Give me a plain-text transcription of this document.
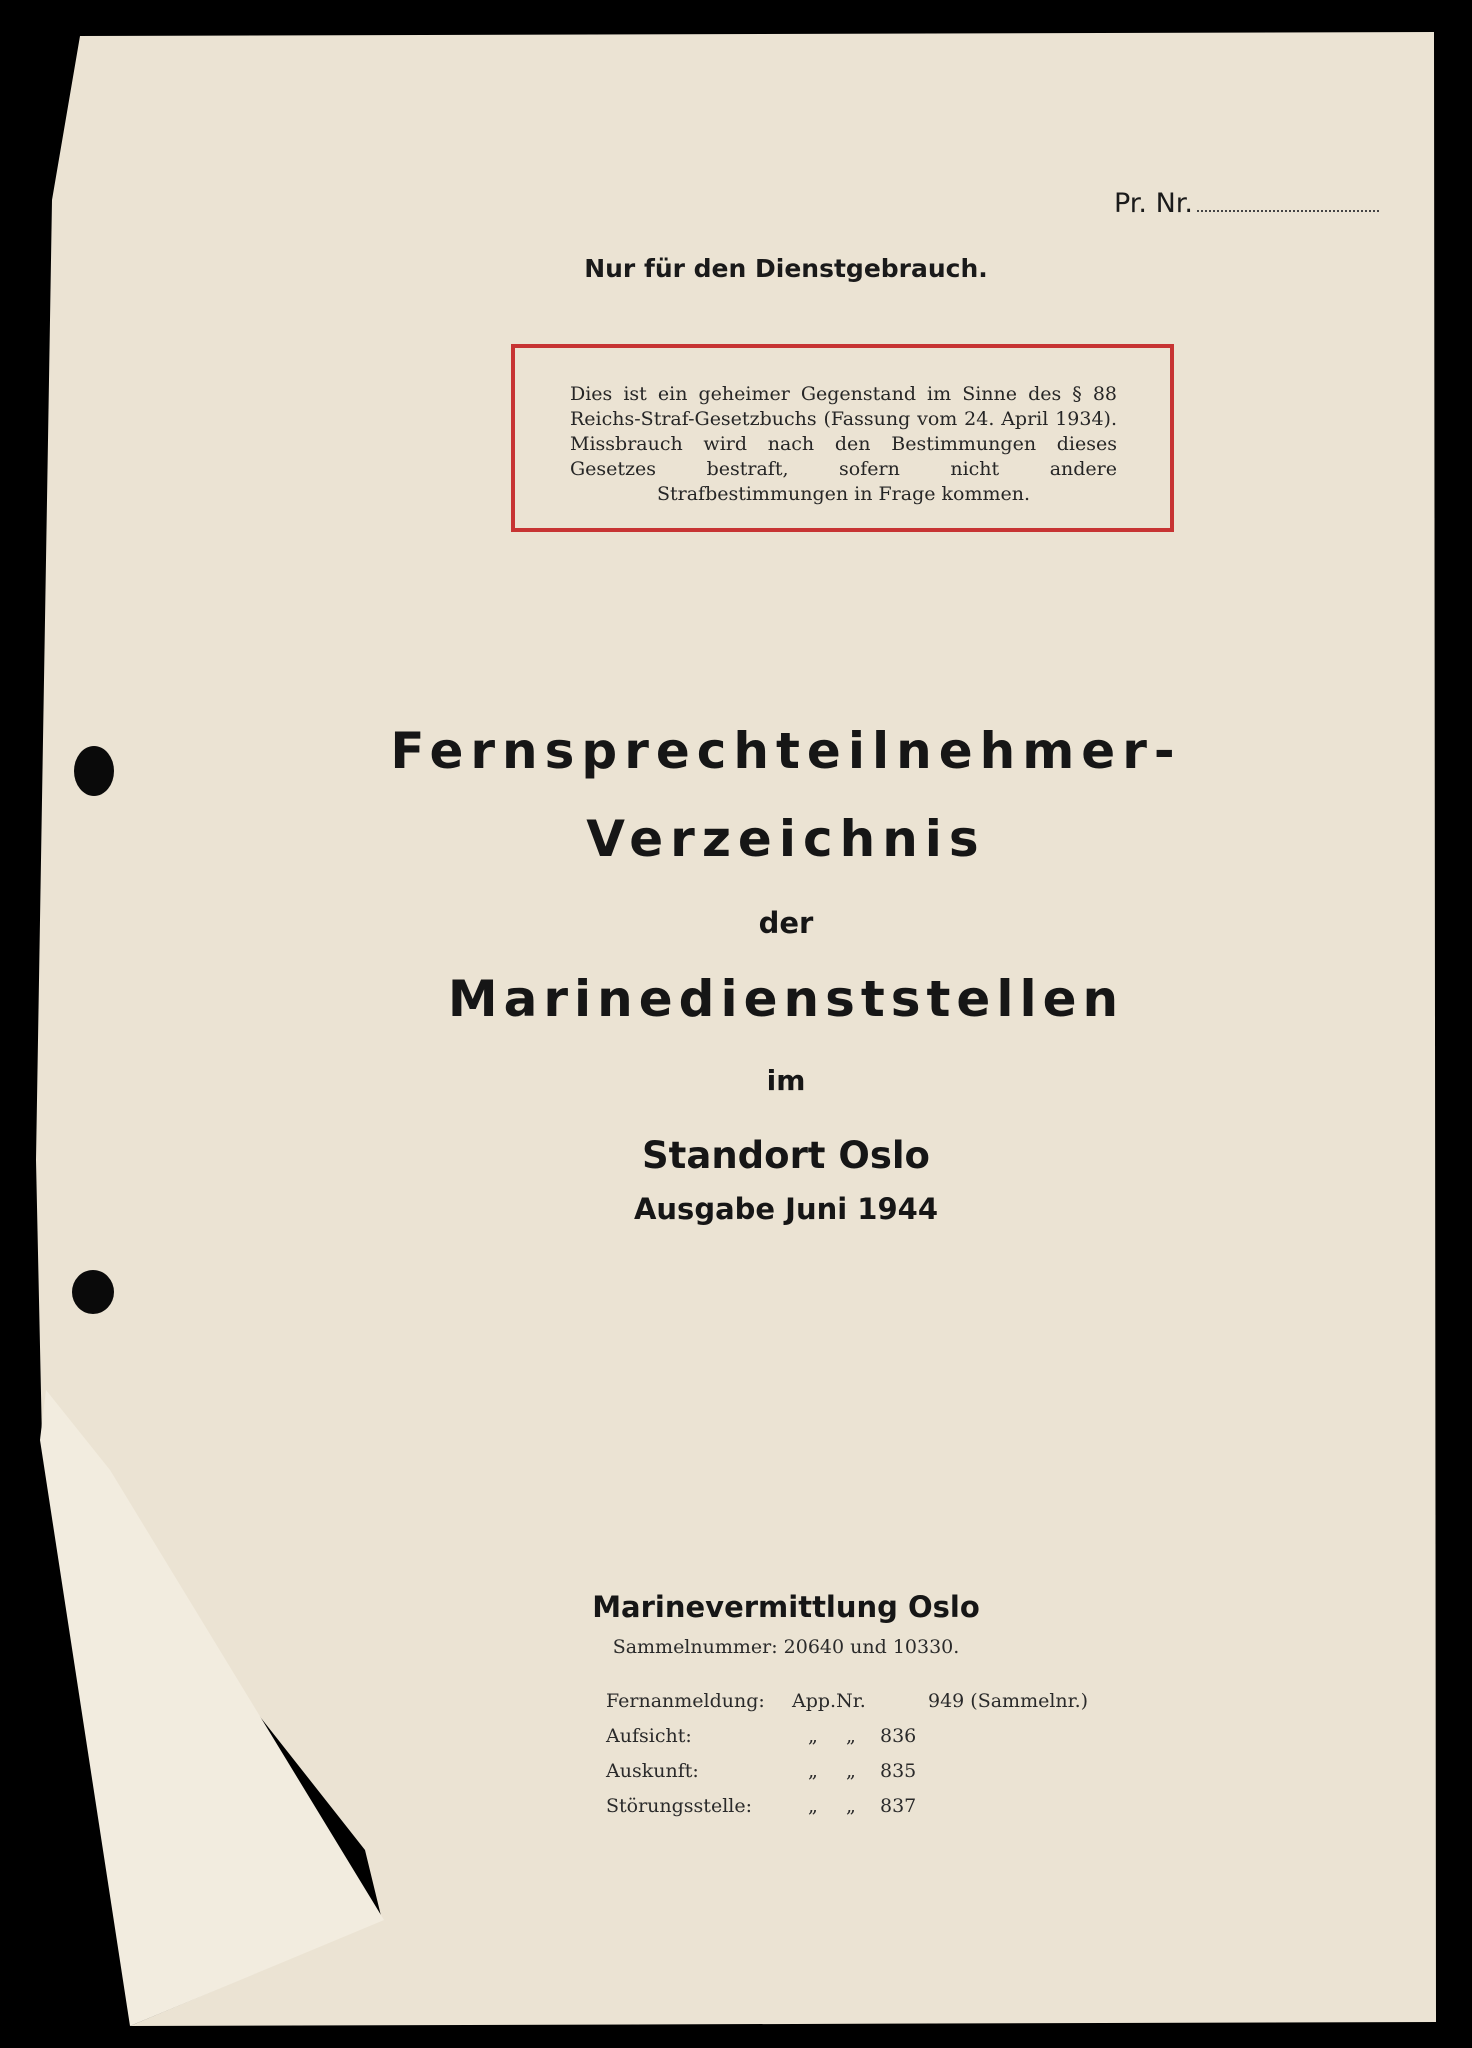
Pr. Nr.
Nur für den Dienstgebrauch.
Dies ist ein geheimer Gegenstand im Sinne des § 88 Reichs-Straf-Gesetzbuchs (Fassung vom 24. April 1934). Missbrauch wird nach den Bestimmungen dieses Gesetzes bestraft, sofern nicht andere Strafbestimmungen in Frage kommen.
Fernsprechteilnehmer-
Verzeichnis
der
Marinedienststellen
im
Standort Oslo
Ausgabe Juni 1944
Marinevermittlung Oslo
Sammelnummer: 20640 und 10330.
Fernanmeldung: App.Nr.	949 (Sammelnr.)
Aufsicht:	„ „ 836
Auskunft:	„ „ 835
Störungsstelle:	„ „ 837
